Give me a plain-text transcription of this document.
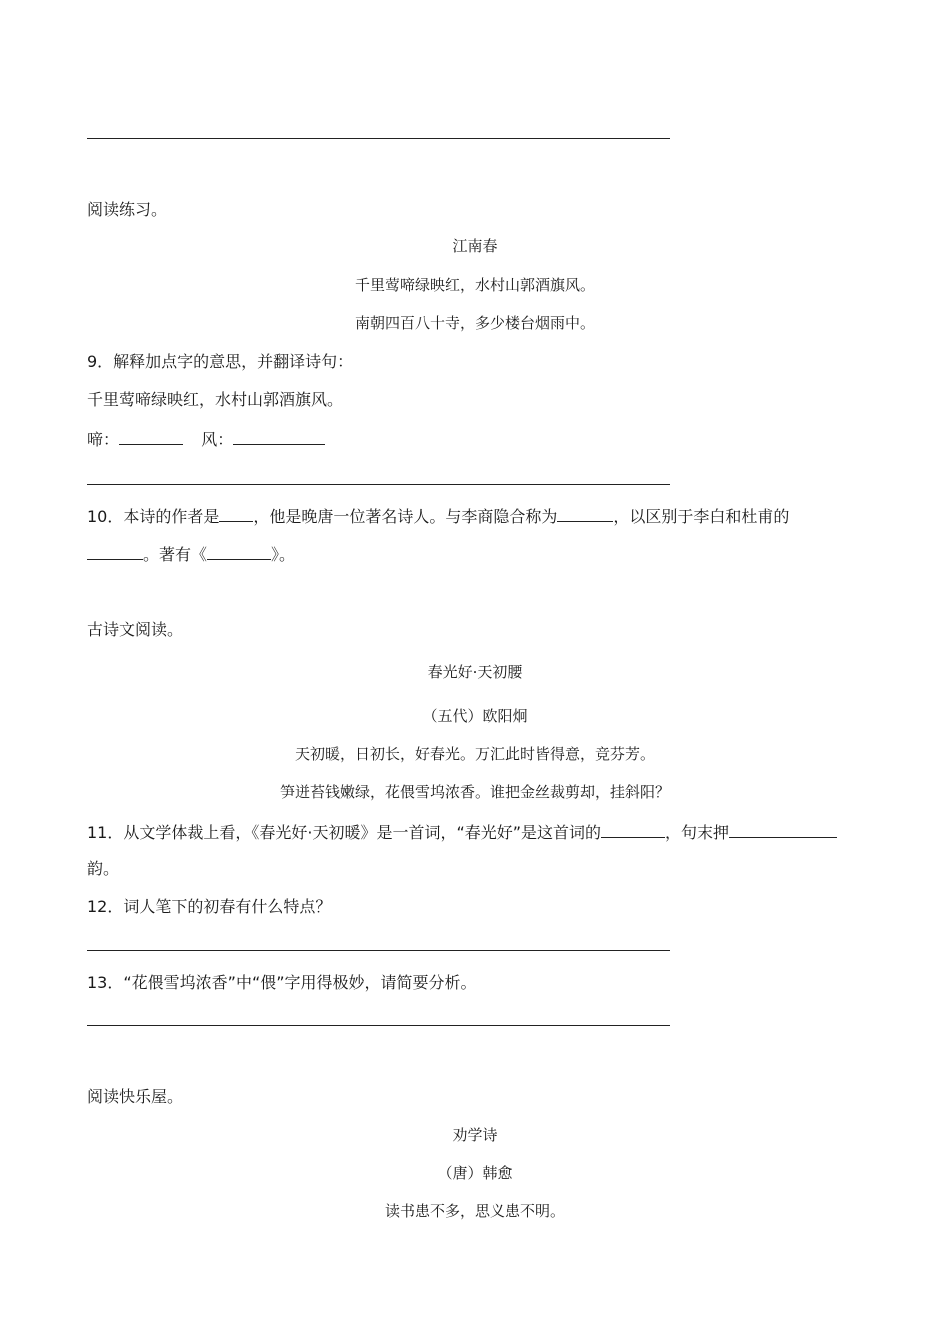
阅读练习。
江南春
千里莺啼绿映红，水村山郭酒旗风。
南朝四百八十寺，多少楼台烟雨中。
9．解释加点字的意思，并翻译诗句：
千里莺啼绿映红，水村山郭酒旗风。
啼：	风：
10．本诗的作者是 ，他是晚唐一位著名诗人。与李商隐合称为	，以区别于李白和杜甫的
。著有《	》。
古诗文阅读。
春光好·天初腰
（五代）欧阳炯
天初暖，日初长，好春光。万汇此时皆得意，竞芬芳。
笋迸苔钱嫩绿，花偎雪坞浓香。谁把金丝裁剪却，挂斜阳？
11．从文学体裁上看，《春光好·天初暖》是一首词，“春光好”是这首词的	，句末押
韵。
12．词人笔下的初春有什么特点？
13．“花偎雪坞浓香”中“偎”字用得极妙，请简要分析。
阅读快乐屋。
劝学诗
（唐）韩愈
读书患不多，思义患不明。
